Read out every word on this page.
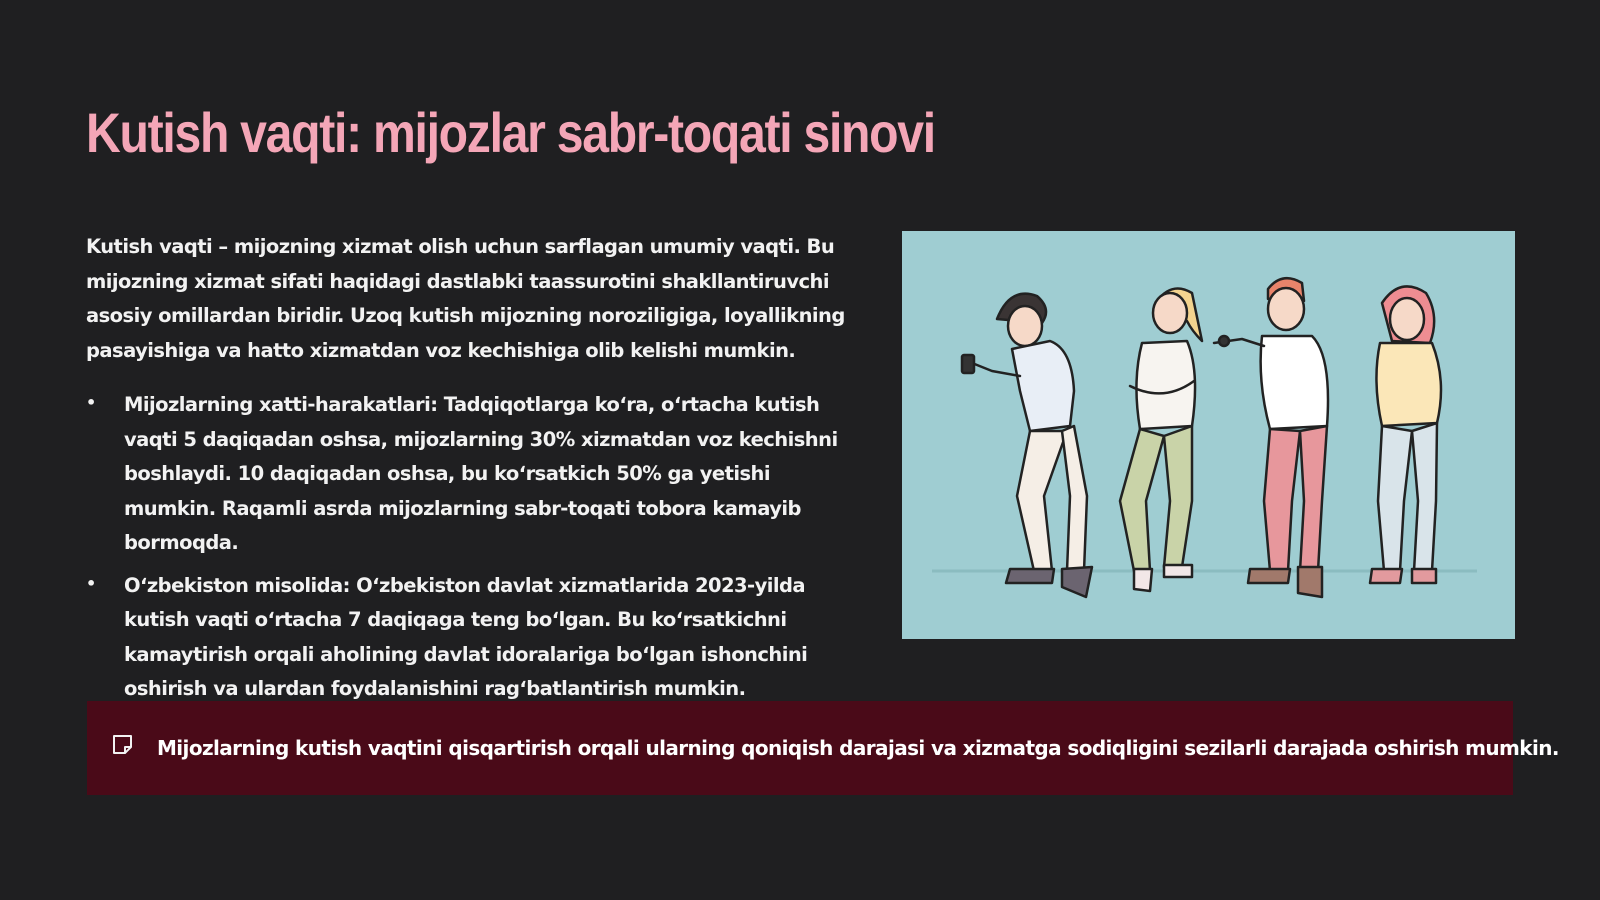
Kutish vaqti: mijozlar sabr-toqati sinovi

Kutish vaqti – mijozning xizmat olish uchun sarflagan umumiy vaqti. Bu mijozning xizmat sifati haqidagi dastlabki taassurotini shakllantiruvchi asosiy omillardan biridir. Uzoq kutish mijozning noroziligiga, loyallikning pasayishiga va hatto xizmatdan voz kechishiga olib kelishi mumkin.

• Mijozlarning xatti-harakatlari: Tadqiqotlarga koʻra, oʻrtacha kutish vaqti 5 daqiqadan oshsa, mijozlarning 30% xizmatdan voz kechishni boshlaydi. 10 daqiqadan oshsa, bu koʻrsatkich 50% ga yetishi mumkin. Raqamli asrda mijozlarning sabr-toqati tobora kamayib bormoqda.
• Oʻzbekiston misolida: Oʻzbekiston davlat xizmatlarida 2023-yilda kutish vaqti oʻrtacha 7 daqiqaga teng boʻlgan. Bu koʻrsatkichni kamaytirish orqali aholining davlat idoralariga boʻlgan ishonchini oshirish va ulardan foydalanishini ragʻbatlantirish mumkin.
Mijozlarning kutish vaqtini qisqartirish orqali ularning qoniqish darajasi va xizmatga sodiqligini sezilarli darajada oshirish mumkin.
